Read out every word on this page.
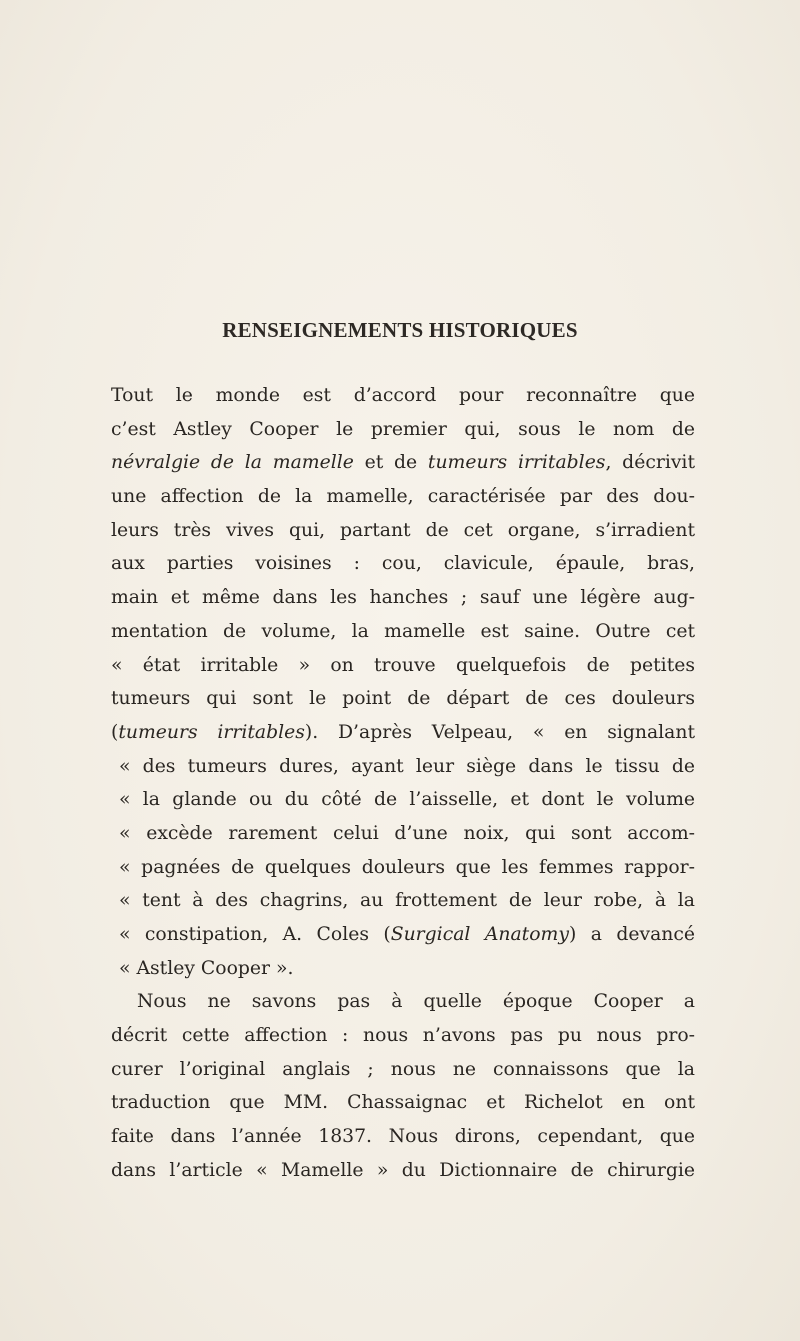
RENSEIGNEMENTS HISTORIQUES
Tout le monde est d’accord pour reconnaître que
c’est Astley Cooper le premier qui, sous le nom de
névralgie de la mamelle et de tumeurs irritables, décrivit
une affection de la mamelle, caractérisée par des dou-
leurs très vives qui, partant de cet organe, s’irradient
aux parties voisines : cou, clavicule, épaule, bras,
main et même dans les hanches ; sauf une légère aug-
mentation de volume, la mamelle est saine. Outre cet
« état irritable » on trouve quelquefois de petites
tumeurs qui sont le point de départ de ces douleurs
(tumeurs irritables). D’après Velpeau, « en signalant
« des tumeurs dures, ayant leur siège dans le tissu de
« la glande ou du côté de l’aisselle, et dont le volume
« excède rarement celui d’une noix, qui sont accom-
« pagnées de quelques douleurs que les femmes rappor-
« tent à des chagrins, au frottement de leur robe, à la
« constipation, A. Coles (Surgical Anatomy) a devancé
« Astley Cooper ».
Nous ne savons pas à quelle époque Cooper a
décrit cette affection : nous n’avons pas pu nous pro-
curer l’original anglais ; nous ne connaissons que la
traduction que MM. Chassaignac et Richelot en ont
faite dans l’année 1837. Nous dirons, cependant, que
dans l’article « Mamelle » du Dictionnaire de chirurgie
